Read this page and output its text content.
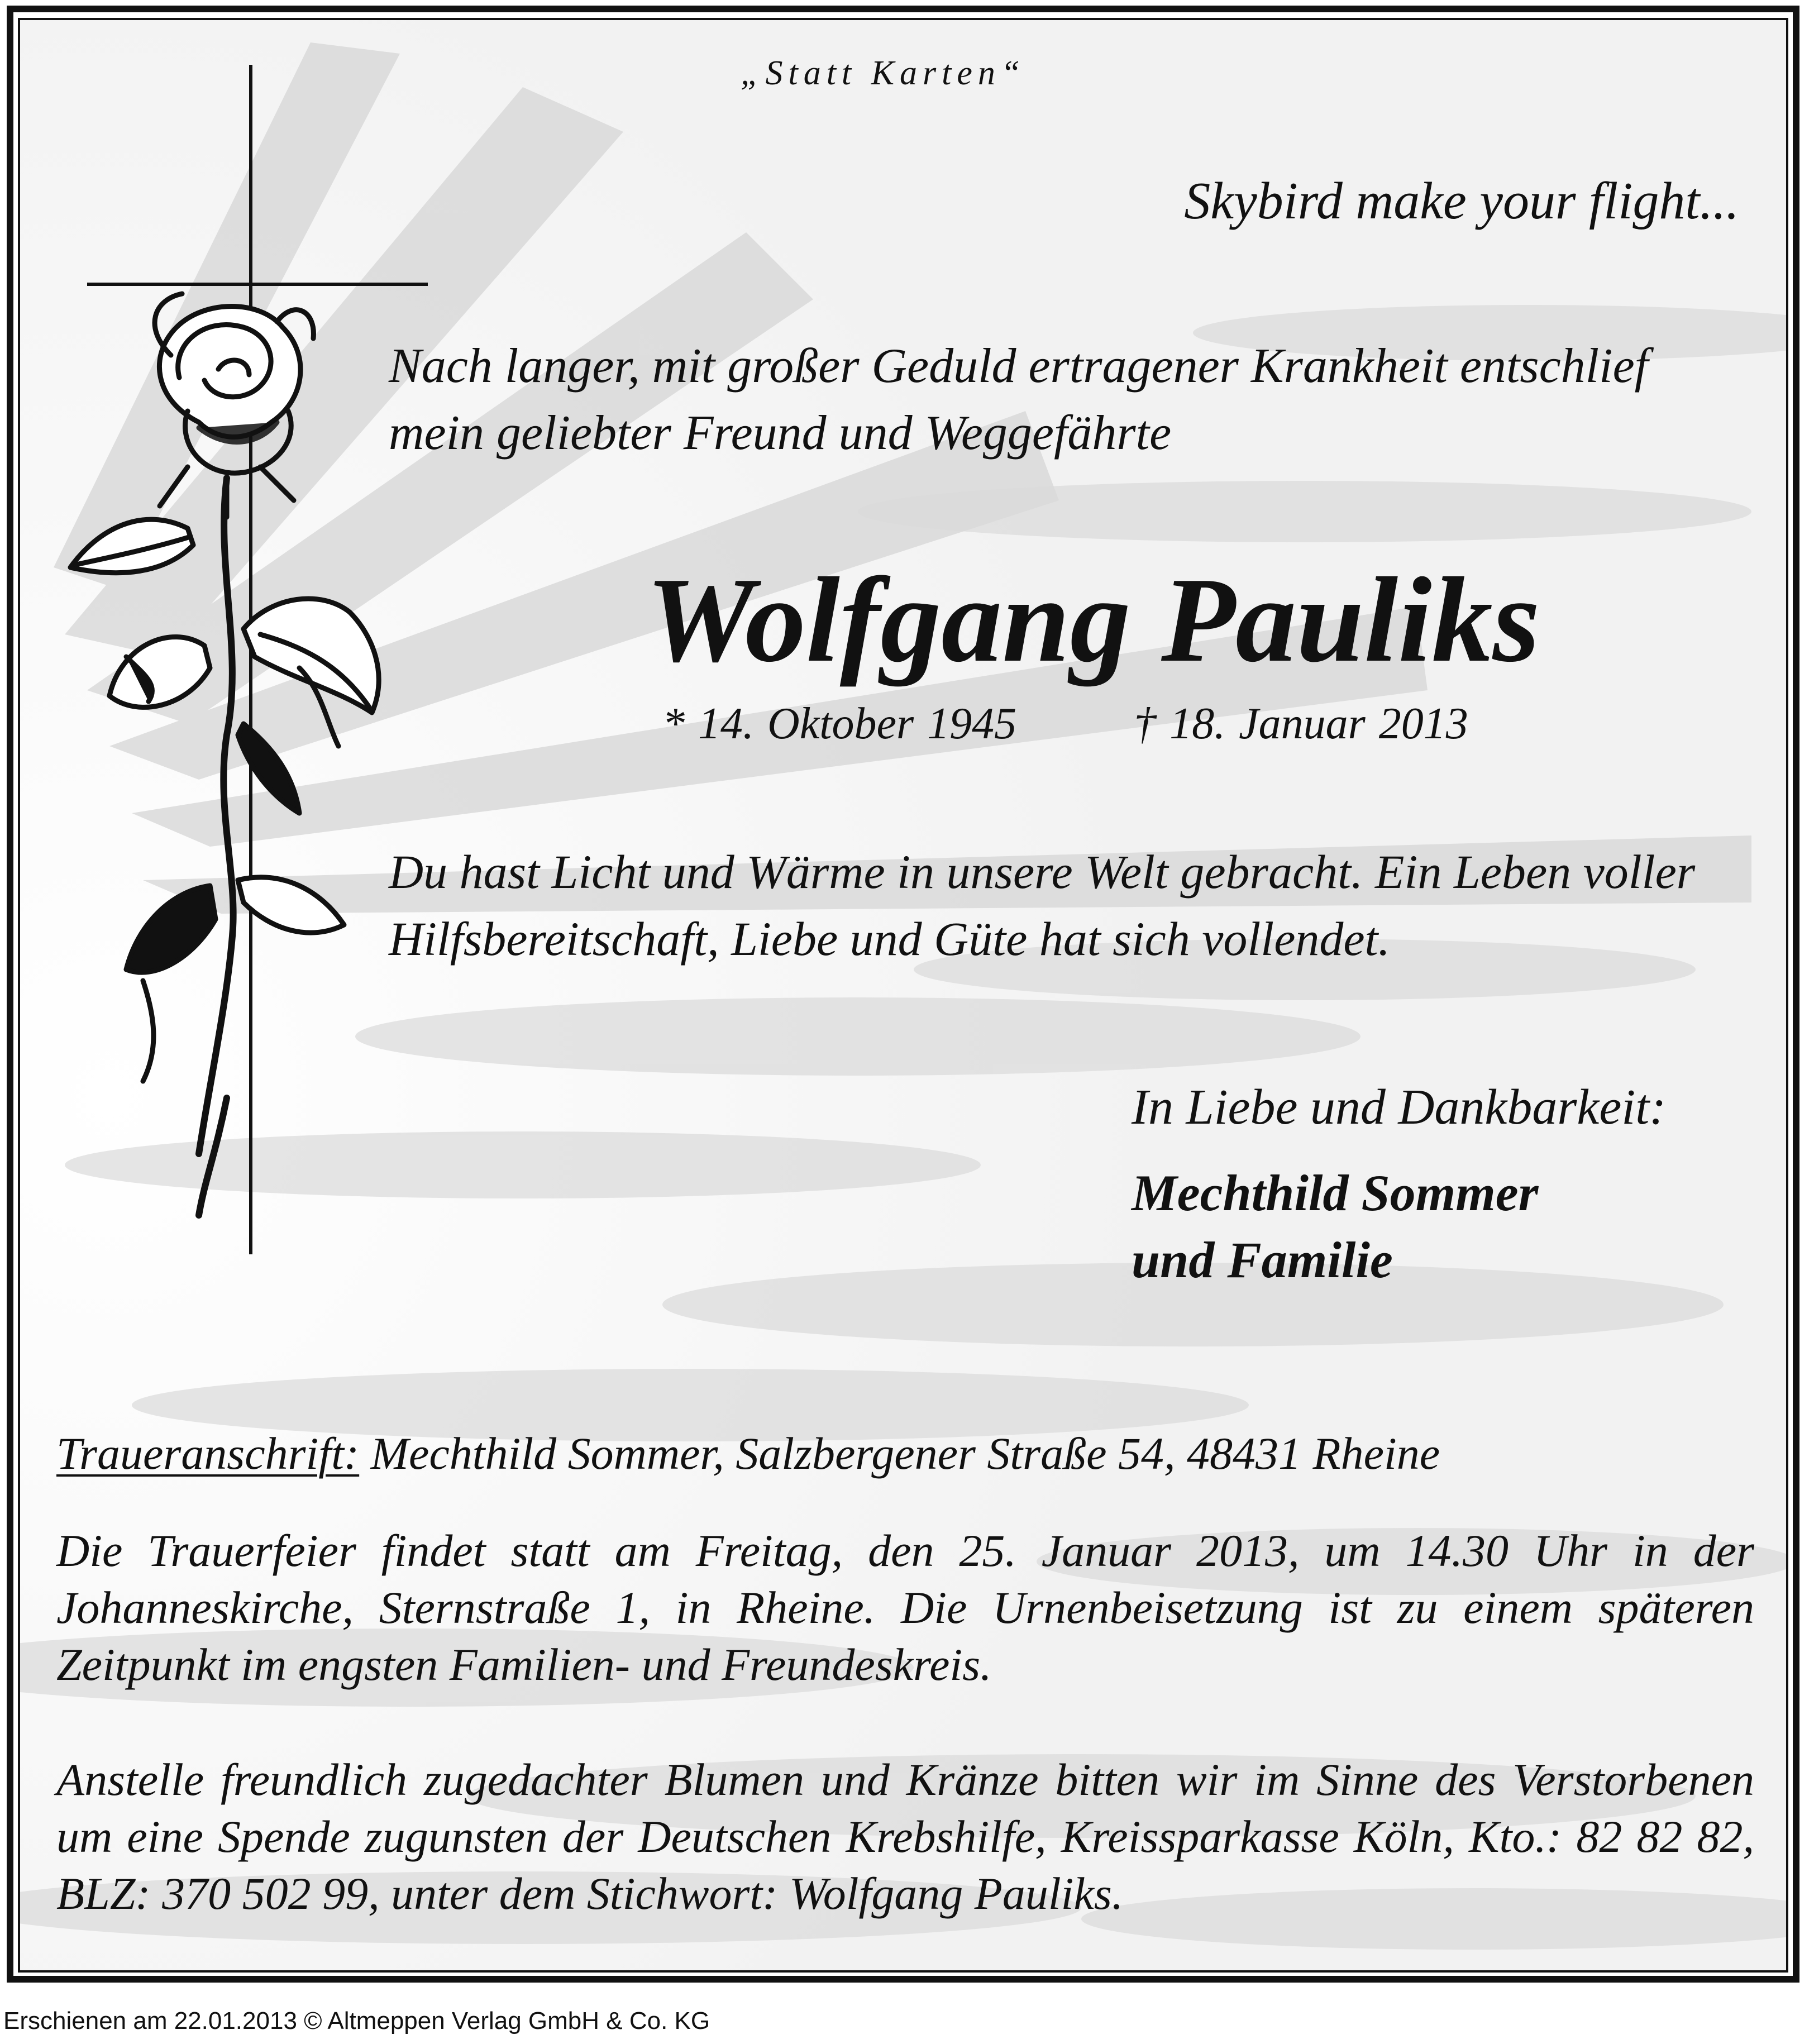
„Statt Karten“
Skybird make your flight...
Nach langer, mit großer Geduld ertragener Krankheit entschlief
mein geliebter Freund und Weggefährte
Wolfgang Pauliks
* 14. Oktober 1945	† 18. Januar 2013
Du hast Licht und Wärme in unsere Welt gebracht. Ein Leben voller
Hilfsbereitschaft, Liebe und Güte hat sich vollendet.
In Liebe und Dankbarkeit:
Mechthild Sommer
und Familie
Traueranschrift: Mechthild Sommer, Salzbergener Straße 54, 48431 Rheine
Die Trauerfeier findet statt am Freitag, den 25. Januar 2013, um 14.30 Uhr in der Johanneskirche, Sternstraße 1, in Rheine. Die Urnenbeisetzung ist zu einem späteren Zeitpunkt im engsten Familien- und Freundeskreis.
Anstelle freundlich zugedachter Blumen und Kränze bitten wir im Sinne des Verstorbenen um eine Spende zugunsten der Deutschen Krebshilfe, Kreissparkasse Köln, Kto.: 82 82 82, BLZ: 370 502 99, unter dem Stichwort: Wolfgang Pauliks.
Erschienen am 22.01.2013 © Altmeppen Verlag GmbH & Co. KG
